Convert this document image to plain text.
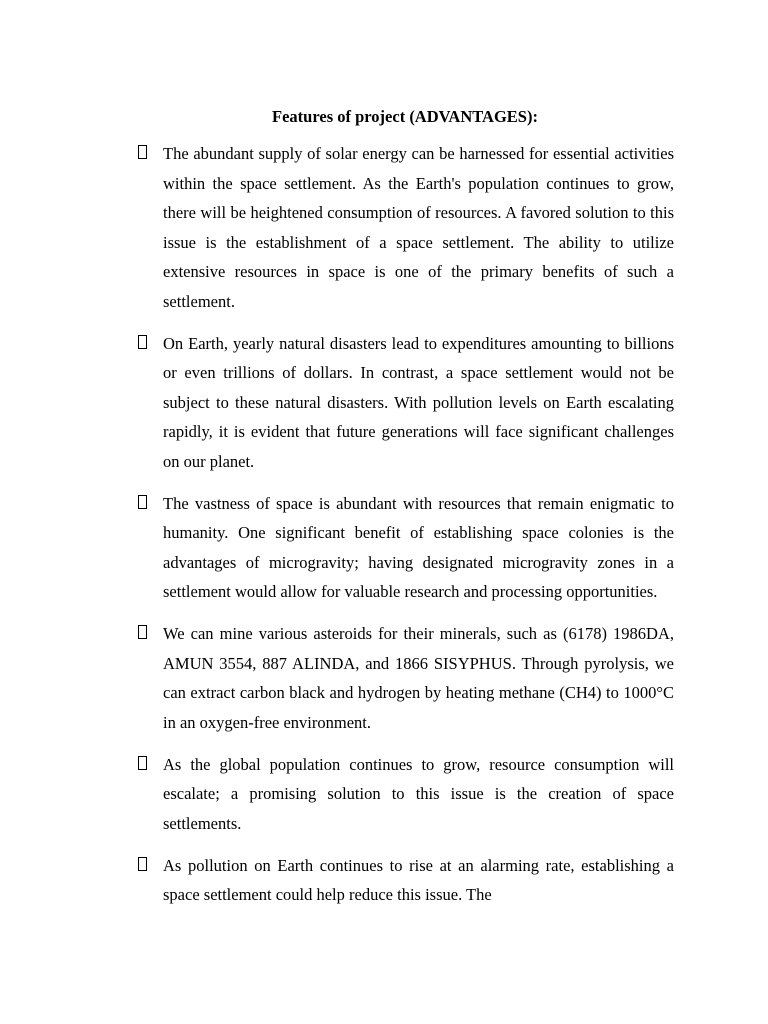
Features of project (ADVANTAGES):
The abundant supply of solar energy can be harnessed for essential activities within the space settlement. As the Earth's population continues to grow, there will be heightened consumption of resources. A favored solution to this issue is the establishment of a space settlement. The ability to utilize extensive resources in space is one of the primary benefits of such a settlement.
On Earth, yearly natural disasters lead to expenditures amounting to billions or even trillions of dollars. In contrast, a space settlement would not be subject to these natural disasters. With pollution levels on Earth escalating rapidly, it is evident that future generations will face significant challenges on our planet.
The vastness of space is abundant with resources that remain enigmatic to humanity. One significant benefit of establishing space colonies is the advantages of microgravity; having designated microgravity zones in a settlement would allow for valuable research and processing opportunities.
We can mine various asteroids for their minerals, such as (6178) 1986DA, AMUN 3554, 887 ALINDA, and 1866 SISYPHUS. Through pyrolysis, we can extract carbon black and hydrogen by heating methane (CH4) to 1000°C in an oxygen-free environment.
As the global population continues to grow, resource consumption will escalate; a promising solution to this issue is the creation of space settlements.
As pollution on Earth continues to rise at an alarming rate, establishing a space settlement could help reduce this issue. The
